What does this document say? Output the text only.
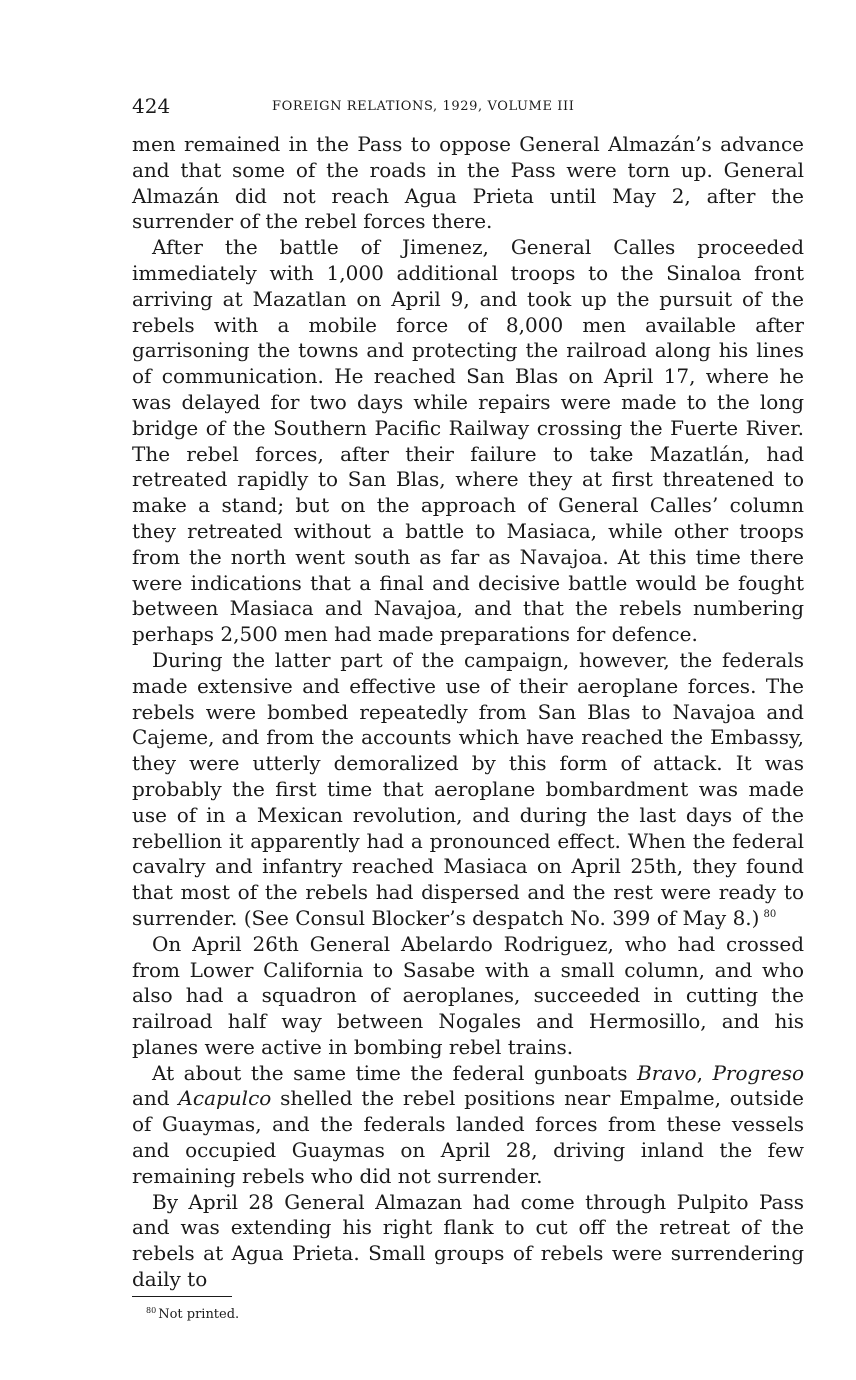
424	FOREIGN RELATIONS, 1929, VOLUME III

men remained in the Pass to oppose General Almazán’s advance and that some of the roads in the Pass were torn up. General Almazán did not reach Agua Prieta until May 2, after the surrender of the rebel forces there.

After the battle of Jimenez, General Calles proceeded immediately with 1,000 additional troops to the Sinaloa front arriving at Mazatlan on April 9, and took up the pursuit of the rebels with a mobile force of 8,000 men available after garrisoning the towns and protecting the railroad along his lines of communication. He reached San Blas on April 17, where he was delayed for two days while repairs were made to the long bridge of the Southern Pacific Railway crossing the Fuerte River. The rebel forces, after their failure to take Mazatlán, had retreated rapidly to San Blas, where they at first threatened to make a stand; but on the approach of General Calles’ column they retreated without a battle to Masiaca, while other troops from the north went south as far as Navajoa. At this time there were indications that a final and decisive battle would be fought between Masiaca and Navajoa, and that the rebels numbering perhaps 2,500 men had made preparations for defence.

During the latter part of the campaign, however, the federals made extensive and effective use of their aeroplane forces. The rebels were bombed repeatedly from San Blas to Navajoa and Cajeme, and from the accounts which have reached the Embassy, they were utterly demoralized by this form of attack. It was probably the first time that aeroplane bombardment was made use of in a Mexican revolution, and during the last days of the rebellion it apparently had a pronounced effect. When the federal cavalry and infantry reached Masiaca on April 25th, they found that most of the rebels had dispersed and the rest were ready to surrender. (See Consul Blocker’s despatch No. 399 of May 8.) $^{80}$

On April 26th General Abelardo Rodriguez, who had crossed from Lower California to Sasabe with a small column, and who also had a squadron of aeroplanes, succeeded in cutting the railroad half way between Nogales and Hermosillo, and his planes were active in bombing rebel trains.

At about the same time the federal gunboats Bravo, Progreso and Acapulco shelled the rebel positions near Empalme, outside of Guaymas, and the federals landed forces from these vessels and occupied Guaymas on April 28, driving inland the few remaining rebels who did not surrender.

By April 28 General Almazan had come through Pulpito Pass and was extending his right flank to cut off the retreat of the rebels at Agua Prieta. Small groups of rebels were surrendering daily to

$^{80}$ Not printed.
